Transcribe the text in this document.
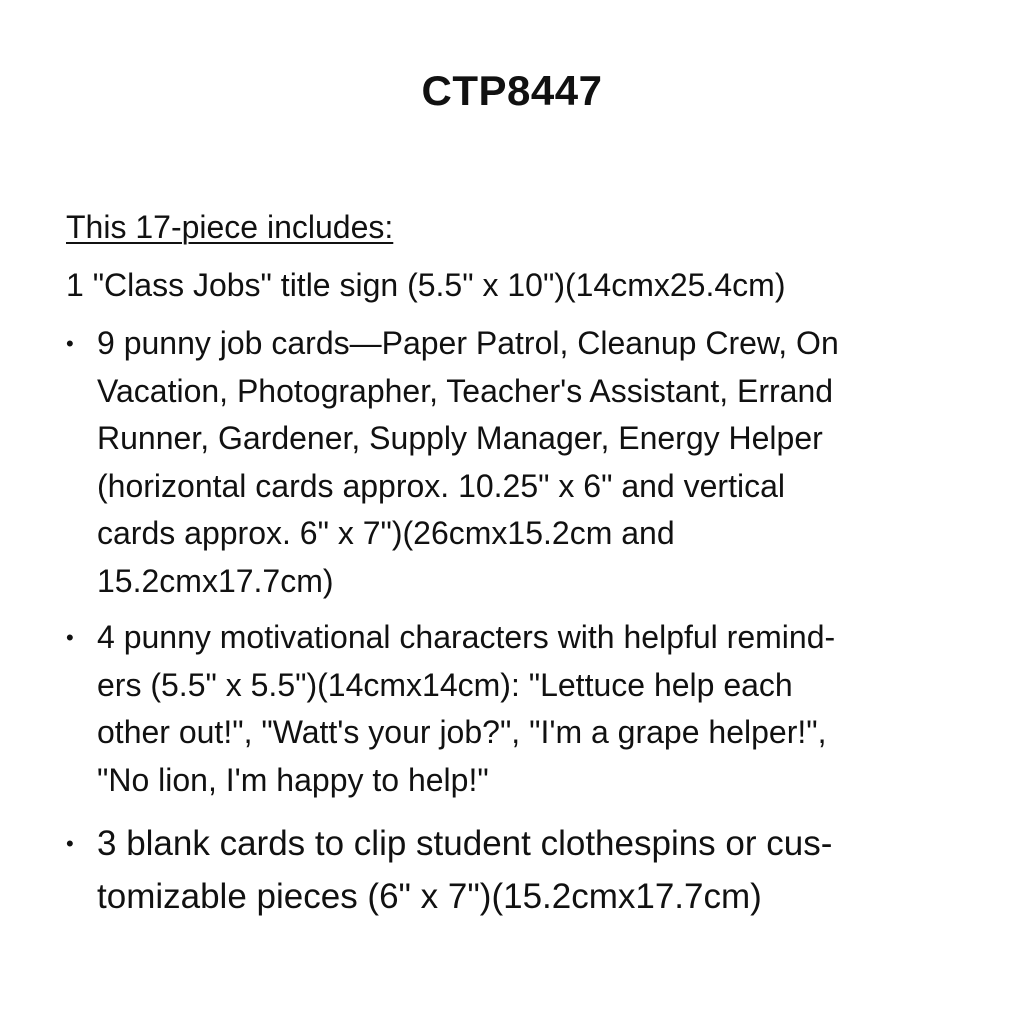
CTP8447
This 17-piece includes:
1 "Class Jobs" title sign (5.5" x 10")(14cmx25.4cm)
• 9 punny job cards—Paper Patrol, Cleanup Crew, On
Vacation, Photographer, Teacher's Assistant, Errand
Runner, Gardener, Supply Manager, Energy Helper
(horizontal cards approx. 10.25" x 6" and vertical
cards approx. 6" x 7")(26cmx15.2cm and
15.2cmx17.7cm)
• 4 punny motivational characters with helpful remind-
ers (5.5" x 5.5")(14cmx14cm): "Lettuce help each
other out!", "Watt's your job?", "I'm a grape helper!",
"No lion, I'm happy to help!"
• 3 blank cards to clip student clothespins or cus-
tomizable pieces (6" x 7")(15.2cmx17.7cm)
